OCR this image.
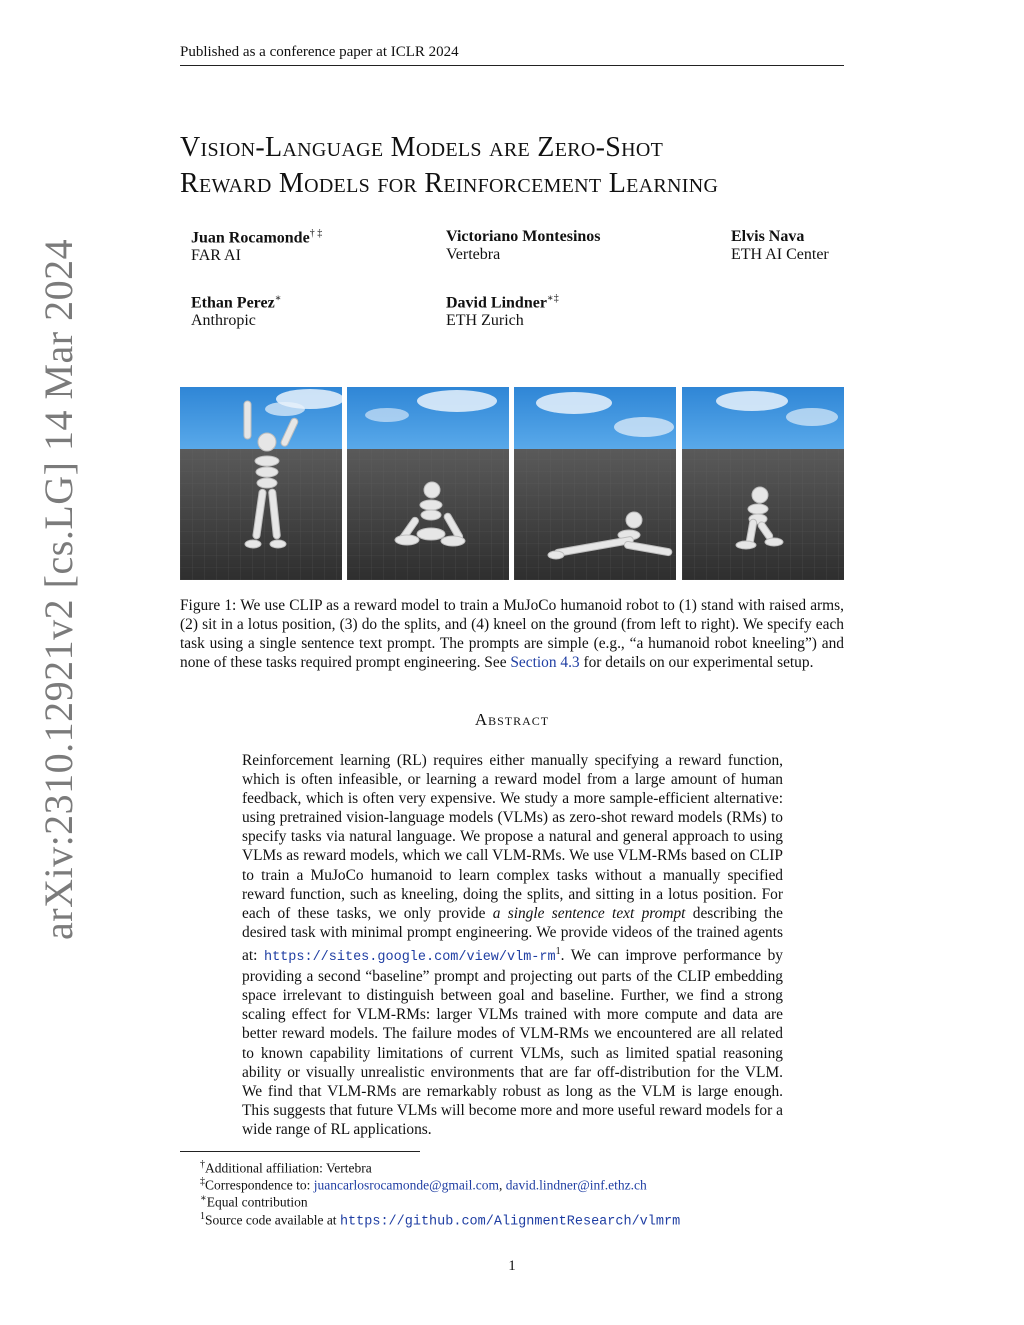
Published as a conference paper at ICLR 2024
Vision-Language Models are Zero-Shot
Reward Models for Reinforcement Learning
Juan Rocamonde† ‡
FAR AI
Victoriano Montesinos
Vertebra
Elvis Nava
ETH AI Center
Ethan Perez∗
Anthropic
David Lindner∗‡
ETH Zurich
arXiv:2310.12921v2 [cs.LG] 14 Mar 2024	Figure 1: We use CLIP as a reward model to train a MuJoCo humanoid robot to (1) stand with raised arms, (2) sit in a lotus position, (3) do the splits, and (4) kneel on the ground (from left to right). We specify each task using a single sentence text prompt. The prompts are simple (e.g., “a humanoid robot kneeling”) and none of these tasks required prompt engineering. See Section 4.3 for details on our experimental setup.
Abstract
Reinforcement learning (RL) requires either manually specifying a reward function, which is often infeasible, or learning a reward model from a large amount of human feedback, which is often very expensive. We study a more sample-efficient alternative: using pretrained vision-language models (VLMs) as zero-shot reward models (RMs) to specify tasks via natural language. We propose a natural and general approach to using VLMs as reward models, which we call VLM-RMs. We use VLM-RMs based on CLIP to train a MuJoCo humanoid to learn complex tasks without a manually specified reward function, such as kneeling, doing the splits, and sitting in a lotus position. For each of these tasks, we only provide a single sentence text prompt describing the desired task with minimal prompt engineering. We provide videos of the trained agents at: $https://sites.google.com/view/vlm-rm^1$. We can improve performance by providing a second “baseline” prompt and projecting out parts of the CLIP embedding space irrelevant to distinguish between goal and baseline. Further, we find a strong scaling effect for VLM-RMs: larger VLMs trained with more compute and data are better reward models. The failure modes of VLM-RMs we encountered are all related to known capability limitations of current VLMs, such as limited spatial reasoning ability or visually unrealistic environments that are far off-distribution for the VLM. We find that VLM-RMs are remarkably robust as long as the VLM is large enough. This suggests that future VLMs will become more and more useful reward models for a wide range of RL applications.
†Additional affiliation: Vertebra
‡Correspondence to: juancarlosrocamonde@gmail.com, david.lindner@inf.ethz.ch
∗Equal contribution
$^1$Source code available at https://github.com/AlignmentResearch/vlmrm
1
